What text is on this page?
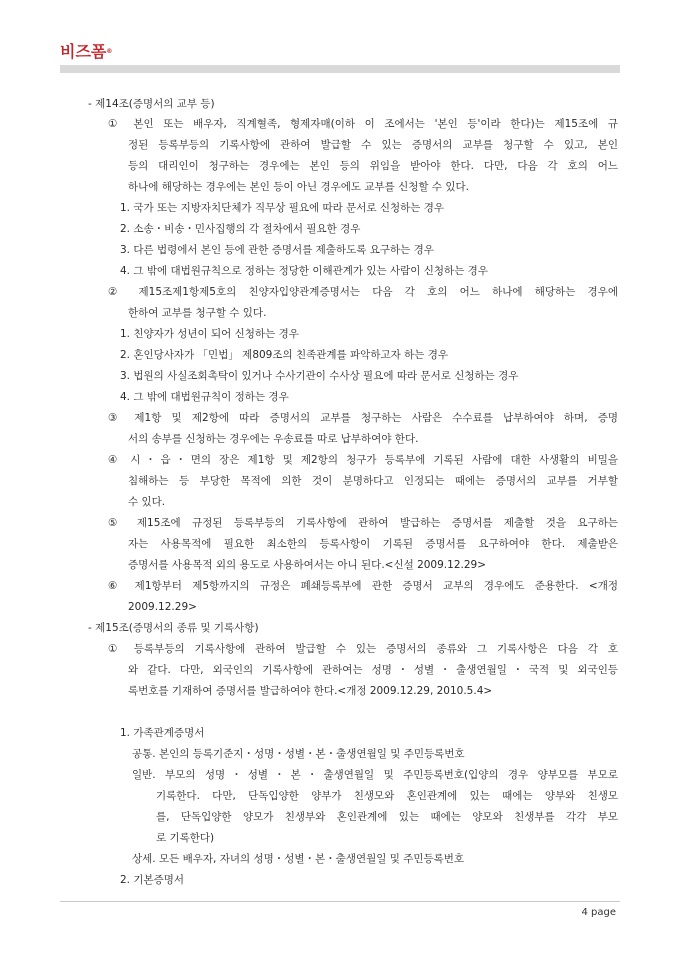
비즈폼®
- 제14조(증명서의 교부 등)
① 본인 또는 배우자, 직계혈족, 형제자매(이하 이 조에서는 '본인 등'이라 한다)는 제15조에 규
정된 등록부등의 기록사항에 관하여 발급할 수 있는 증명서의 교부를 청구할 수 있고, 본인
등의 대리인이 청구하는 경우에는 본인 등의 위임을 받아야 한다. 다만, 다음 각 호의 어느
하나에 해당하는 경우에는 본인 등이 아닌 경우에도 교부를 신청할 수 있다.
1. 국가 또는 지방자치단체가 직무상 필요에 따라 문서로 신청하는 경우
2. 소송・비송・민사집행의 각 절차에서 필요한 경우
3. 다른 법령에서 본인 등에 관한 증명서를 제출하도록 요구하는 경우
4. 그 밖에 대법원규칙으로 정하는 정당한 이해관계가 있는 사람이 신청하는 경우
② 제15조제1항제5호의 친양자입양관계증명서는 다음 각 호의 어느 하나에 해당하는 경우에
한하여 교부를 청구할 수 있다.
1. 친양자가 성년이 되어 신청하는 경우
2. 혼인당사자가 「민법」 제809조의 친족관계를 파악하고자 하는 경우
3. 법원의 사실조회촉탁이 있거나 수사기관이 수사상 필요에 따라 문서로 신청하는 경우
4. 그 밖에 대법원규칙이 정하는 경우
③ 제1항 및 제2항에 따라 증명서의 교부를 청구하는 사람은 수수료를 납부하여야 하며, 증명
서의 송부를 신청하는 경우에는 우송료를 따로 납부하여야 한다.
④ 시・읍・면의 장은 제1항 및 제2항의 청구가 등록부에 기록된 사람에 대한 사생활의 비밀을
침해하는 등 부당한 목적에 의한 것이 분명하다고 인정되는 때에는 증명서의 교부를 거부할
수 있다.
⑤ 제15조에 규정된 등록부등의 기록사항에 관하여 발급하는 증명서를 제출할 것을 요구하는
자는 사용목적에 필요한 최소한의 등록사항이 기록된 증명서를 요구하여야 한다. 제출받은
증명서를 사용목적 외의 용도로 사용하여서는 아니 된다.<신설 2009.12.29>
⑥ 제1항부터 제5항까지의 규정은 폐쇄등록부에 관한 증명서 교부의 경우에도 준용한다. <개정
2009.12.29>
- 제15조(증명서의 종류 및 기록사항)
① 등록부등의 기록사항에 관하여 발급할 수 있는 증명서의 종류와 그 기록사항은 다음 각 호
와 같다. 다만, 외국인의 기록사항에 관하여는 성명・성별・출생연월일・국적 및 외국인등
록번호를 기재하여 증명서를 발급하여야 한다.<개정 2009.12.29, 2010.5.4>
1. 가족관계증명서
공통. 본인의 등록기준지・성명・성별・본・출생연월일 및 주민등록번호
일반. 부모의 성명・성별・본・출생연월일 및 주민등록번호(입양의 경우 양부모를 부모로
기록한다. 다만, 단독입양한 양부가 친생모와 혼인관계에 있는 때에는 양부와 친생모
를, 단독입양한 양모가 친생부와 혼인관계에 있는 때에는 양모와 친생부를 각각 부모
로 기록한다)
상세. 모든 배우자, 자녀의 성명・성별・본・출생연월일 및 주민등록번호
2. 기본증명서
4 page
